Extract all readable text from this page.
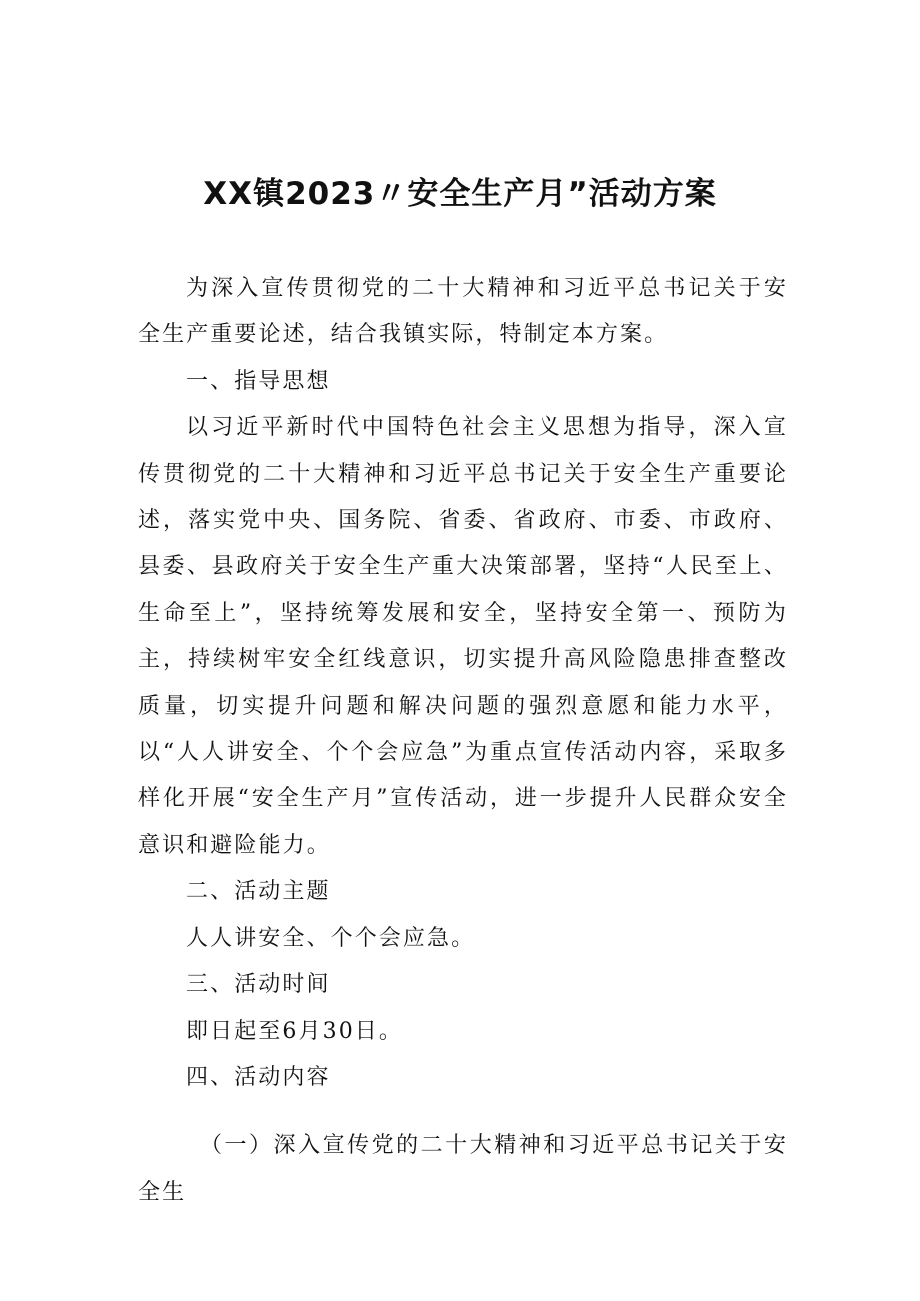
XX镇2023〃安全生产月”活动方案

为深入宣传贯彻党的二十大精神和习近平总书记关于安全生产重要论述，结合我镇实际，特制定本方案。

一、指导思想

以习近平新时代中国特色社会主义思想为指导，深入宣传贯彻党的二十大精神和习近平总书记关于安全生产重要论述，落实党中央、国务院、省委、省政府、市委、市政府、县委、县政府关于安全生产重大决策部署，坚持“人民至上、生命至上”，坚持统筹发展和安全，坚持安全第一、预防为主，持续树牢安全红线意识，切实提升高风险隐患排查整改质量，切实提升问题和解决问题的强烈意愿和能力水平，以“人人讲安全、个个会应急”为重点宣传活动内容，采取多样化开展“安全生产月”宣传活动，进一步提升人民群众安全意识和避险能力。

二、活动主题

人人讲安全、个个会应急。

三、活动时间

即日起至6月30日。

四、活动内容

（一）深入宣传党的二十大精神和习近平总书记关于安全生
